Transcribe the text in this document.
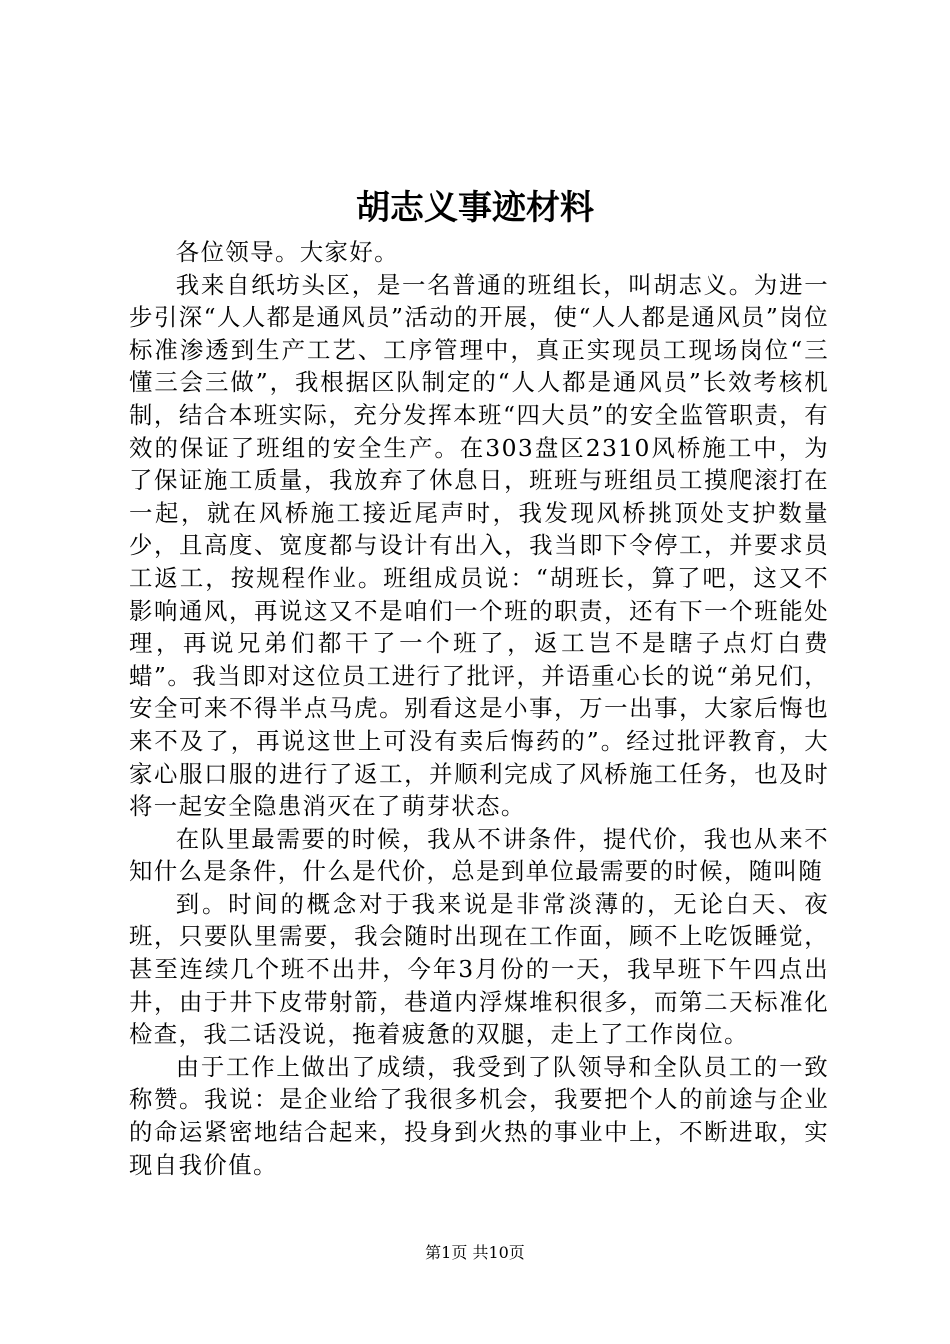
胡志义事迹材料

各位领导。大家好。

我来自纸坊头区，是一名普通的班组长，叫胡志义。为进一步引深“人人都是通风员”活动的开展，使“人人都是通风员”岗位标准渗透到生产工艺、工序管理中，真正实现员工现场岗位“三懂三会三做”，我根据区队制定的“人人都是通风员”长效考核机制，结合本班实际，充分发挥本班“四大员”的安全监管职责，有效的保证了班组的安全生产。在303盘区2310风桥施工中，为了保证施工质量，我放弃了休息日，班班与班组员工摸爬滚打在一起，就在风桥施工接近尾声时，我发现风桥挑顶处支护数量少，且高度、宽度都与设计有出入，我当即下令停工，并要求员工返工，按规程作业。班组成员说：“胡班长，算了吧，这又不影响通风，再说这又不是咱们一个班的职责，还有下一个班能处理，再说兄弟们都干了一个班了，返工岂不是瞎子点灯白费蜡”。我当即对这位员工进行了批评，并语重心长的说“弟兄们，安全可来不得半点马虎。别看这是小事，万一出事，大家后悔也来不及了，再说这世上可没有卖后悔药的”。经过批评教育，大家心服口服的进行了返工，并顺利完成了风桥施工任务，也及时将一起安全隐患消灭在了萌芽状态。

在队里最需要的时候，我从不讲条件，提代价，我也从来不知什么是条件，什么是代价，总是到单位最需要的时候，随叫随

到。时间的概念对于我来说是非常淡薄的，无论白天、夜班，只要队里需要，我会随时出现在工作面，顾不上吃饭睡觉，甚至连续几个班不出井，今年3月份的一天，我早班下午四点出井，由于井下皮带射箭，巷道内浮煤堆积很多，而第二天标准化检查，我二话没说，拖着疲惫的双腿，走上了工作岗位。

由于工作上做出了成绩，我受到了队领导和全队员工的一致称赞。我说：是企业给了我很多机会，我要把个人的前途与企业的命运紧密地结合起来，投身到火热的事业中上，不断进取，实现自我价值。

第1页 共10页
